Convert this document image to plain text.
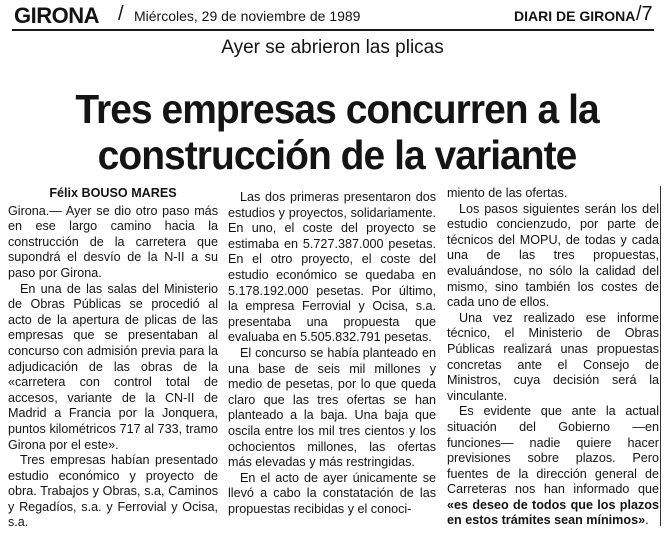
GIRONA / Miércoles, 29 de noviembre de 1989	DIARI DE GIRONA /7
Ayer se abrieron las plicas
Tres empresas concurren a la construcción de la variante
Félix BOUSO MARES

Girona.— Ayer se dio otro paso más en ese largo camino hacia la construcción de la carretera que supondrá el desvío de la N-II a su paso por Girona.

En una de las salas del Ministerio de Obras Públicas se procedió al acto de la apertura de plicas de las empresas que se presentaban al concurso con admisión previa para la adjudicación de las obras de la «carretera con control total de accesos, variante de la CN-II de Madrid a Francia por la Jonquera, puntos kilométricos 717 al 733, tramo Girona por el este».

Tres empresas habían presentado estudio económico y proyecto de obra. Trabajos y Obras, s.a, Caminos y Regadíos, s.a. y Ferrovial y Ocisa, s.a.

Las dos primeras presentaron dos estudios y proyectos, solidariamente. En uno, el coste del proyecto se estimaba en 5.727.387.000 pesetas. En el otro proyecto, el coste del estudio económico se quedaba en 5.178.192.000 pesetas. Por último, la empresa Ferrovial y Ocisa, s.a. presentaba una propuesta que evaluaba en 5.505.832.791 pesetas.

El concurso se había planteado en una base de seis mil millones y medio de pesetas, por lo que queda claro que las tres ofertas se han planteado a la baja. Una baja que oscila entre los mil tres cientos y los ochocientos millones, las ofertas más elevadas y más restringidas.

En el acto de ayer únicamente se llevó a cabo la constatación de las propuestas recibidas y el conoci-

miento de las ofertas.

Los pasos siguientes serán los del estudio concienzudo, por parte de técnicos del MOPU, de todas y cada una de las tres propuestas, evaluándose, no sólo la calidad del mismo, sino también los costes de cada uno de ellos.

Una vez realizado ese informe técnico, el Ministerio de Obras Públicas realizará unas propuestas concretas ante el Consejo de Ministros, cuya decisión será la vinculante.

Es evidente que ante la actual situación del Gobierno —en funciones— nadie quiere hacer previsiones sobre plazos. Pero fuentes de la dirección general de Carreteras nos han informado que «es deseo de todos que los plazos en estos trámites sean mínimos».
